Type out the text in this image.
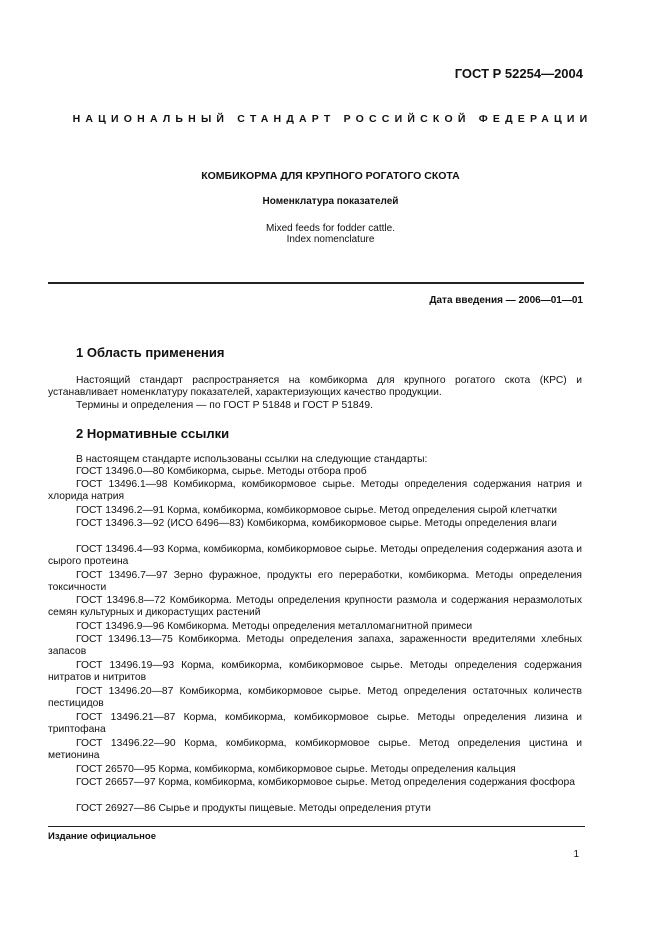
ГОСТ Р 52254—2004
НАЦИОНАЛЬНЫЙ СТАНДАРТ РОССИЙСКОЙ ФЕДЕРАЦИИ
КОМБИКОРМА ДЛЯ КРУПНОГО РОГАТОГО СКОТА
Номенклатура показателей
Mixed feeds for fodder cattle.
Index nomenclature
Дата введения — 2006—01—01
1 Область применения
Настоящий стандарт распространяется на комбикорма для крупного рогатого скота (КРС) и устанавливает номенклатуру показателей, характеризующих качество продукции.
Термины и определения — по ГОСТ Р 51848 и ГОСТ Р 51849.
2 Нормативные ссылки
В настоящем стандарте использованы ссылки на следующие стандарты:
ГОСТ 13496.0—80 Комбикорма, сырье. Методы отбора проб
ГОСТ 13496.1—98 Комбикорма, комбикормовое сырье. Методы определения содержания натрия и хлорида натрия
ГОСТ 13496.2—91 Корма, комбикорма, комбикормовое сырье. Метод определения сырой клетчатки
ГОСТ 13496.3—92 (ИСО 6496—83) Комбикорма, комбикормовое сырье. Методы определения влаги
ГОСТ 13496.4—93 Корма, комбикорма, комбикормовое сырье. Методы определения содержания азота и сырого протеина
ГОСТ 13496.7—97 Зерно фуражное, продукты его переработки, комбикорма. Методы определения токсичности
ГОСТ 13496.8—72 Комбикорма. Методы определения крупности размола и содержания неразмолотых семян культурных и дикорастущих растений
ГОСТ 13496.9—96 Комбикорма. Методы определения металломагнитной примеси
ГОСТ 13496.13—75 Комбикорма. Методы определения запаха, зараженности вредителями хлебных запасов
ГОСТ 13496.19—93 Корма, комбикорма, комбикормовое сырье. Методы определения содержания нитратов и нитритов
ГОСТ 13496.20—87 Комбикорма, комбикормовое сырье. Метод определения остаточных количеств пестицидов
ГОСТ 13496.21—87 Корма, комбикорма, комбикормовое сырье. Методы определения лизина и триптофана
ГОСТ 13496.22—90 Корма, комбикорма, комбикормовое сырье. Метод определения цистина и метионина
ГОСТ 26570—95 Корма, комбикорма, комбикормовое сырье. Методы определения кальция
ГОСТ 26657—97 Корма, комбикорма, комбикормовое сырье. Метод определения содержания фосфора
ГОСТ 26927—86 Сырье и продукты пищевые. Методы определения ртути
Издание официальное
1
